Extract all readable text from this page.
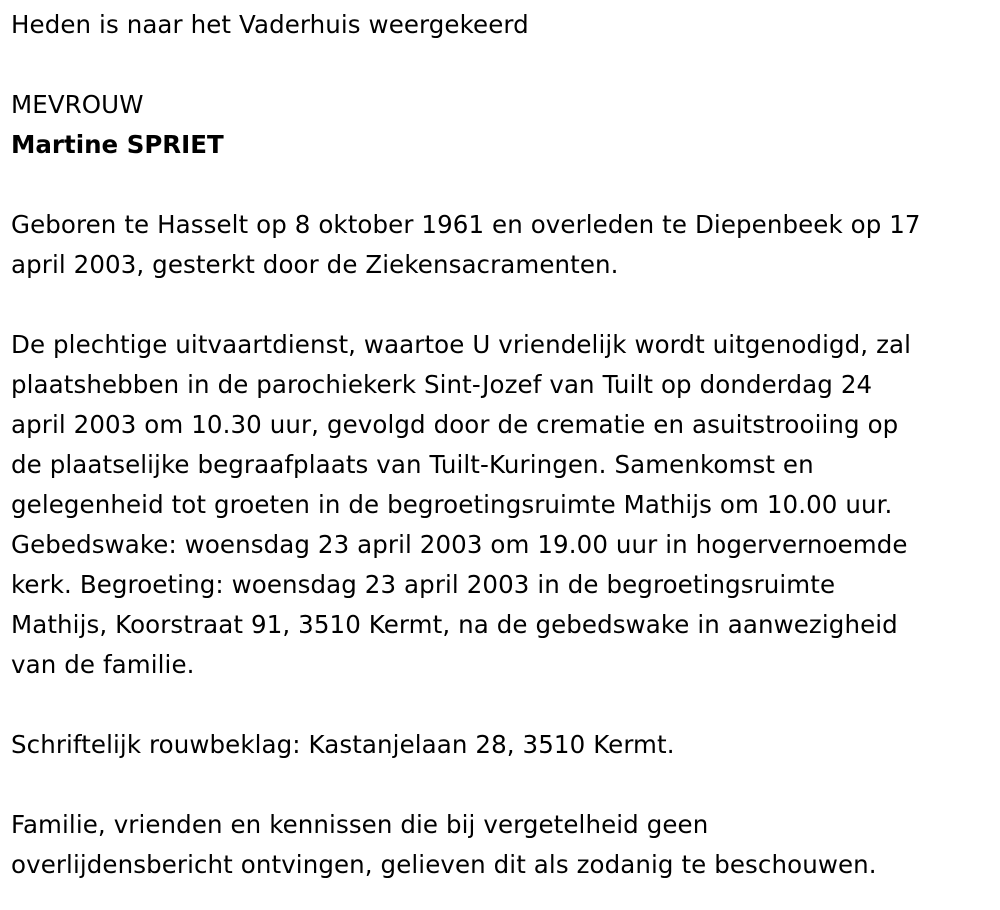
Heden is naar het Vaderhuis weergekeerd

MEVROUW

Martine SPRIET

Geboren te Hasselt op 8 oktober 1961 en overleden te Diepenbeek op 17

april 2003, gesterkt door de Ziekensacramenten.

De plechtige uitvaartdienst, waartoe U vriendelijk wordt uitgenodigd, zal

plaatshebben in de parochiekerk Sint-Jozef van Tuilt op donderdag 24

april 2003 om 10.30 uur, gevolgd door de crematie en asuitstrooiing op

de plaatselijke begraafplaats van Tuilt-Kuringen. Samenkomst en

gelegenheid tot groeten in de begroetingsruimte Mathijs om 10.00 uur.

Gebedswake: woensdag 23 april 2003 om 19.00 uur in hogervernoemde

kerk. Begroeting: woensdag 23 april 2003 in de begroetingsruimte

Mathijs, Koorstraat 91, 3510 Kermt, na de gebedswake in aanwezigheid

van de familie.

Schriftelijk rouwbeklag: Kastanjelaan 28, 3510 Kermt.

Familie, vrienden en kennissen die bij vergetelheid geen

overlijdensbericht ontvingen, gelieven dit als zodanig te beschouwen.
